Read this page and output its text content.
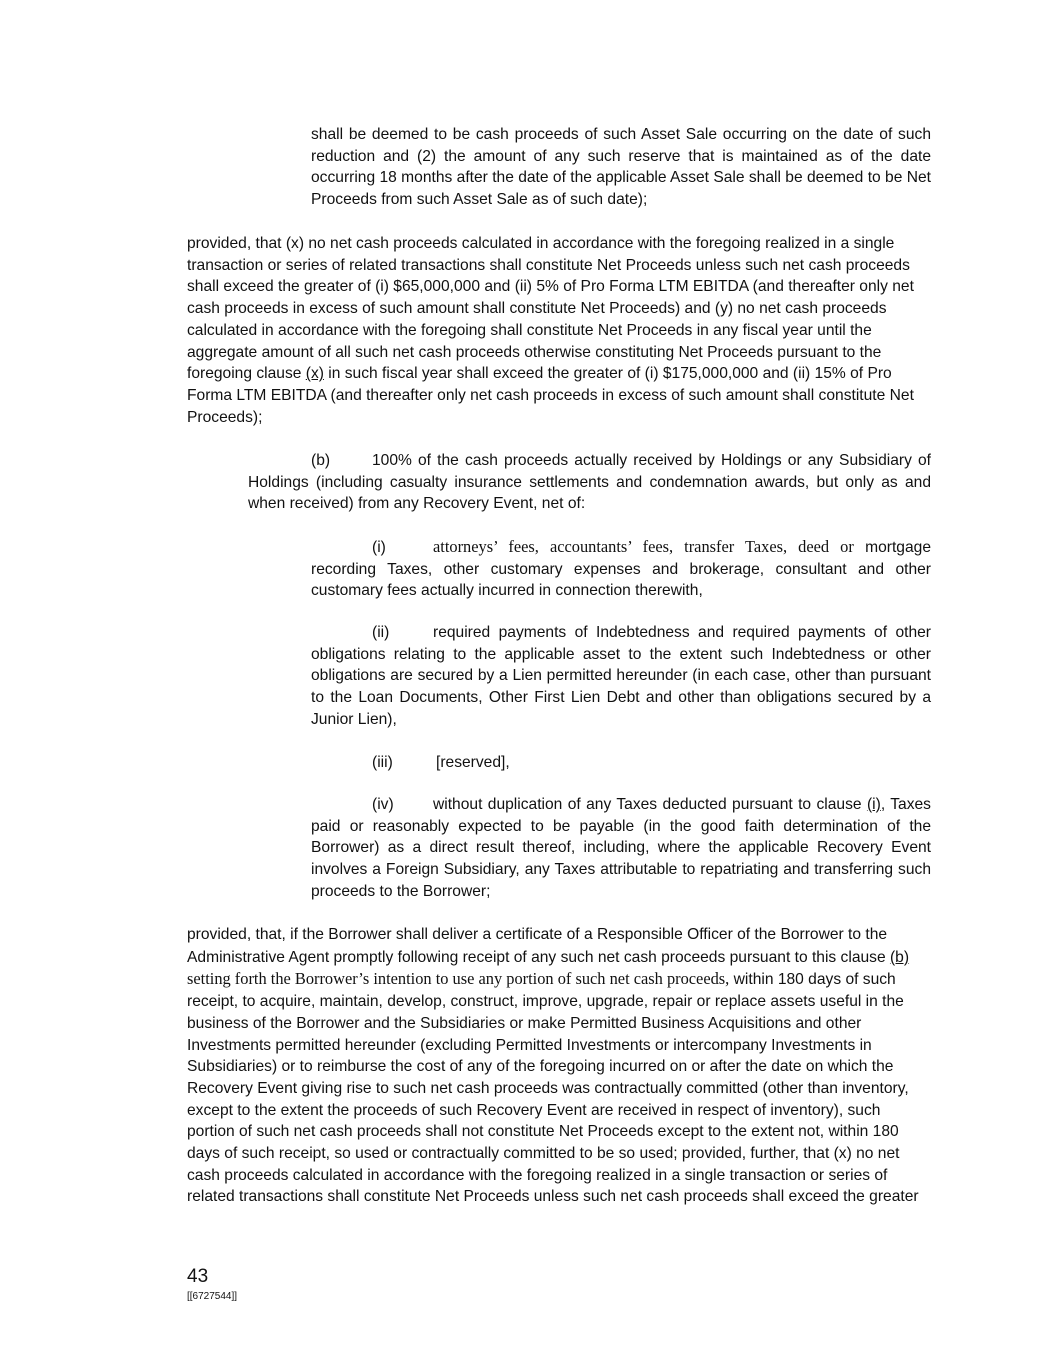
shall be deemed to be cash proceeds of such Asset Sale occurring on the date of such reduction and (2) the amount of any such reserve that is maintained as of the date occurring 18 months after the date of the applicable Asset Sale shall be deemed to be Net Proceeds from such Asset Sale as of such date);

provided, that (x) no net cash proceeds calculated in accordance with the foregoing realized in a single transaction or series of related transactions shall constitute Net Proceeds unless such net cash proceeds shall exceed the greater of (i) $65,000,000 and (ii) 5% of Pro Forma LTM EBITDA (and thereafter only net cash proceeds in excess of such amount shall constitute Net Proceeds) and (y) no net cash proceeds calculated in accordance with the foregoing shall constitute Net Proceeds in any fiscal year until the aggregate amount of all such net cash proceeds otherwise constituting Net Proceeds pursuant to the foregoing clause (x) in such fiscal year shall exceed the greater of (i) $175,000,000 and (ii) 15% of Pro Forma LTM EBITDA (and thereafter only net cash proceeds in excess of such amount shall constitute Net Proceeds);

(b)	100% of the cash proceeds actually received by Holdings or any Subsidiary of Holdings (including casualty insurance settlements and condemnation awards, but only as and when received) from any Recovery Event, net of:

(i)	attorneys’ fees, accountants’ fees, transfer Taxes, deed or mortgage recording Taxes, other customary expenses and brokerage, consultant and other customary fees actually incurred in connection therewith,

(ii)	required payments of Indebtedness and required payments of other obligations relating to the applicable asset to the extent such Indebtedness or other obligations are secured by a Lien permitted hereunder (in each case, other than pursuant to the Loan Documents, Other First Lien Debt and other than obligations secured by a Junior Lien),

(iii)	[reserved],

(iv)	without duplication of any Taxes deducted pursuant to clause (i), Taxes paid or reasonably expected to be payable (in the good faith determination of the Borrower) as a direct result thereof, including, where the applicable Recovery Event involves a Foreign Subsidiary, any Taxes attributable to repatriating and transferring such proceeds to the Borrower;

provided, that, if the Borrower shall deliver a certificate of a Responsible Officer of the Borrower to the Administrative Agent promptly following receipt of any such net cash proceeds pursuant to this clause (b) setting forth the Borrower’s intention to use any portion of such net cash proceeds, within 180 days of such receipt, to acquire, maintain, develop, construct, improve, upgrade, repair or replace assets useful in the business of the Borrower and the Subsidiaries or make Permitted Business Acquisitions and other Investments permitted hereunder (excluding Permitted Investments or intercompany Investments in Subsidiaries) or to reimburse the cost of any of the foregoing incurred on or after the date on which the Recovery Event giving rise to such net cash proceeds was contractually committed (other than inventory, except to the extent the proceeds of such Recovery Event are received in respect of inventory), such portion of such net cash proceeds shall not constitute Net Proceeds except to the extent not, within 180 days of such receipt, so used or contractually committed to be so used; provided, further, that (x) no net cash proceeds calculated in accordance with the foregoing realized in a single transaction or series of related transactions shall constitute Net Proceeds unless such net cash proceeds shall exceed the greater

43
[[6727544]]
